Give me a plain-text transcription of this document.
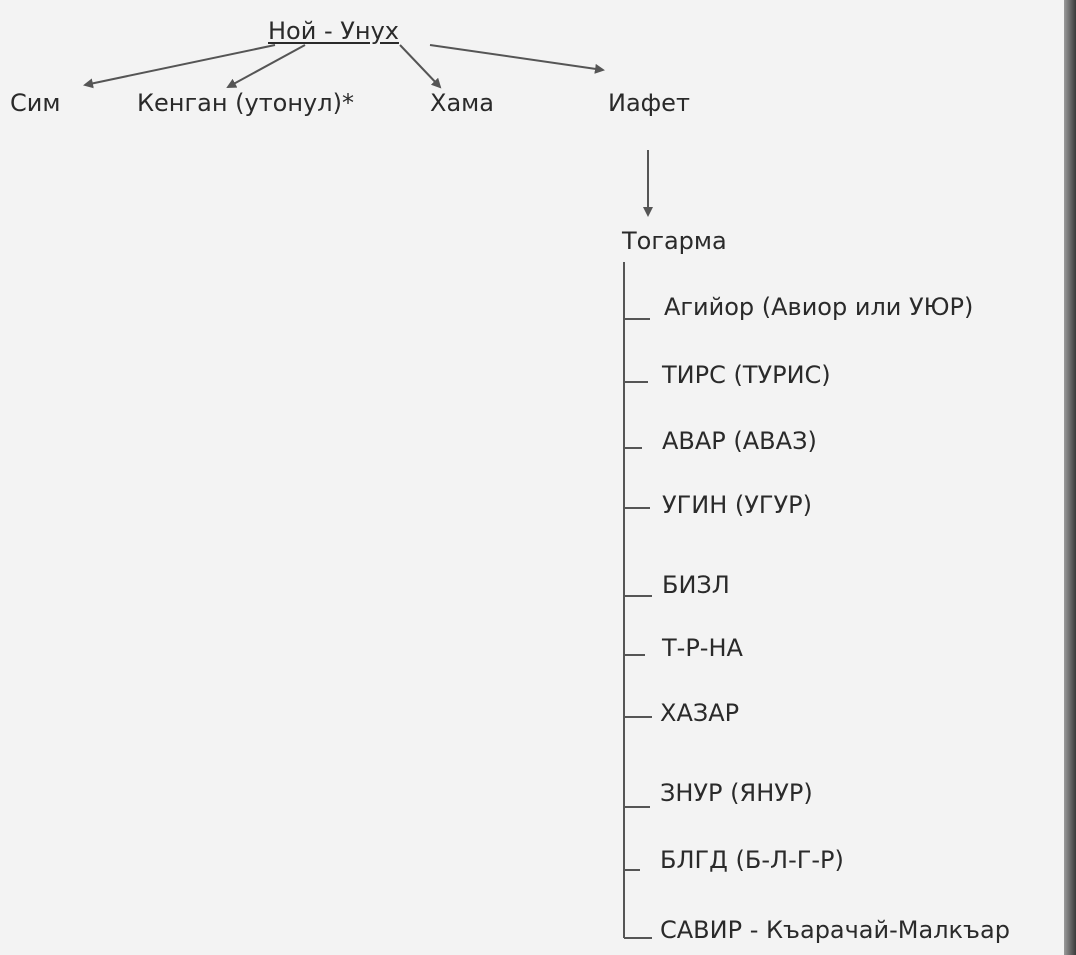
Ной - Унух
Сим	Кенган (утонул)*	Хама	Иафет
Тогарма
Агийор (Авиор или УЮР)
ТИРС (ТУРИС)
АВАР (АВАЗ)
УГИН (УГУР)
БИЗЛ
Т-Р-НА
ХАЗАР
ЗНУР (ЯНУР)
БЛГД (Б-Л-Г-Р)
САВИР - Къарачай-Малкъар
